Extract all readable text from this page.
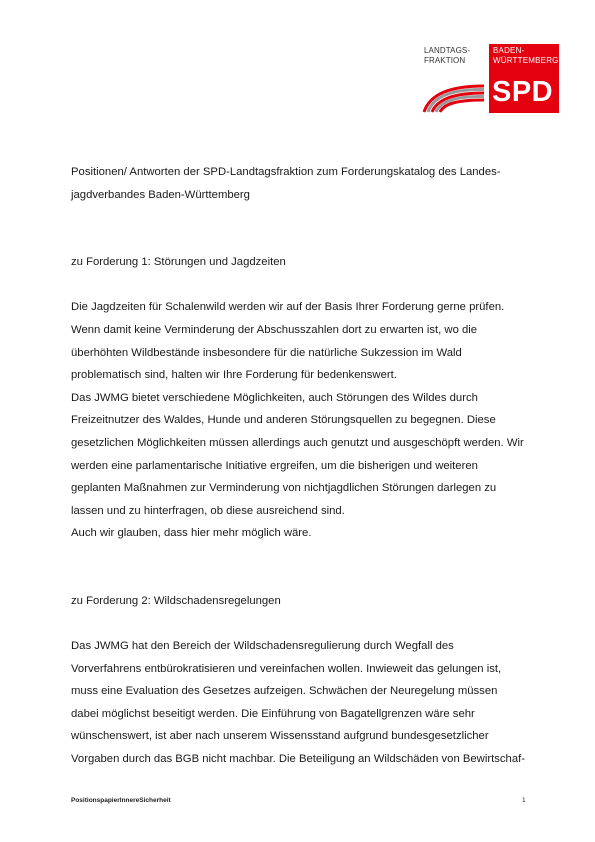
LANDTAGS-
FRAKTION
BADEN-
WÜRTTEMBERG
SPD

Positionen/ Antworten der SPD-Landtagsfraktion zum Forderungskatalog des Landes-jagdverbandes Baden-Württemberg

zu Forderung 1: Störungen und Jagdzeiten

Die Jagdzeiten für Schalenwild werden wir auf der Basis Ihrer Forderung gerne prüfen. Wenn damit keine Verminderung der Abschusszahlen dort zu erwarten ist, wo die überhöhten Wildbestände insbesondere für die natürliche Sukzession im Wald problematisch sind, halten wir Ihre Forderung für bedenkenswert.

Das JWMG bietet verschiedene Möglichkeiten, auch Störungen des Wildes durch Freizeitnutzer des Waldes, Hunde und anderen Störungsquellen zu begegnen. Diese gesetzlichen Möglichkeiten müssen allerdings auch genutzt und ausgeschöpft werden. Wir werden eine parlamentarische Initiative ergreifen, um die bisherigen und weiteren geplanten Maßnahmen zur Verminderung von nichtjagdlichen Störungen darlegen zu lassen und zu hinterfragen, ob diese ausreichend sind.

Auch wir glauben, dass hier mehr möglich wäre.

zu Forderung 2: Wildschadensregelungen

Das JWMG hat den Bereich der Wildschadensregulierung durch Wegfall des Vorverfahrens entbürokratisieren und vereinfachen wollen. Inwieweit das gelungen ist, muss eine Evaluation des Gesetzes aufzeigen. Schwächen der Neuregelung müssen dabei möglichst beseitigt werden. Die Einführung von Bagatellgrenzen wäre sehr wünschenswert, ist aber nach unserem Wissensstand aufgrund bundesgesetzlicher Vorgaben durch das BGB nicht machbar. Die Beteiligung an Wildschäden von Bewirtschaf-

PositionspapierInnereSicherheit	1
